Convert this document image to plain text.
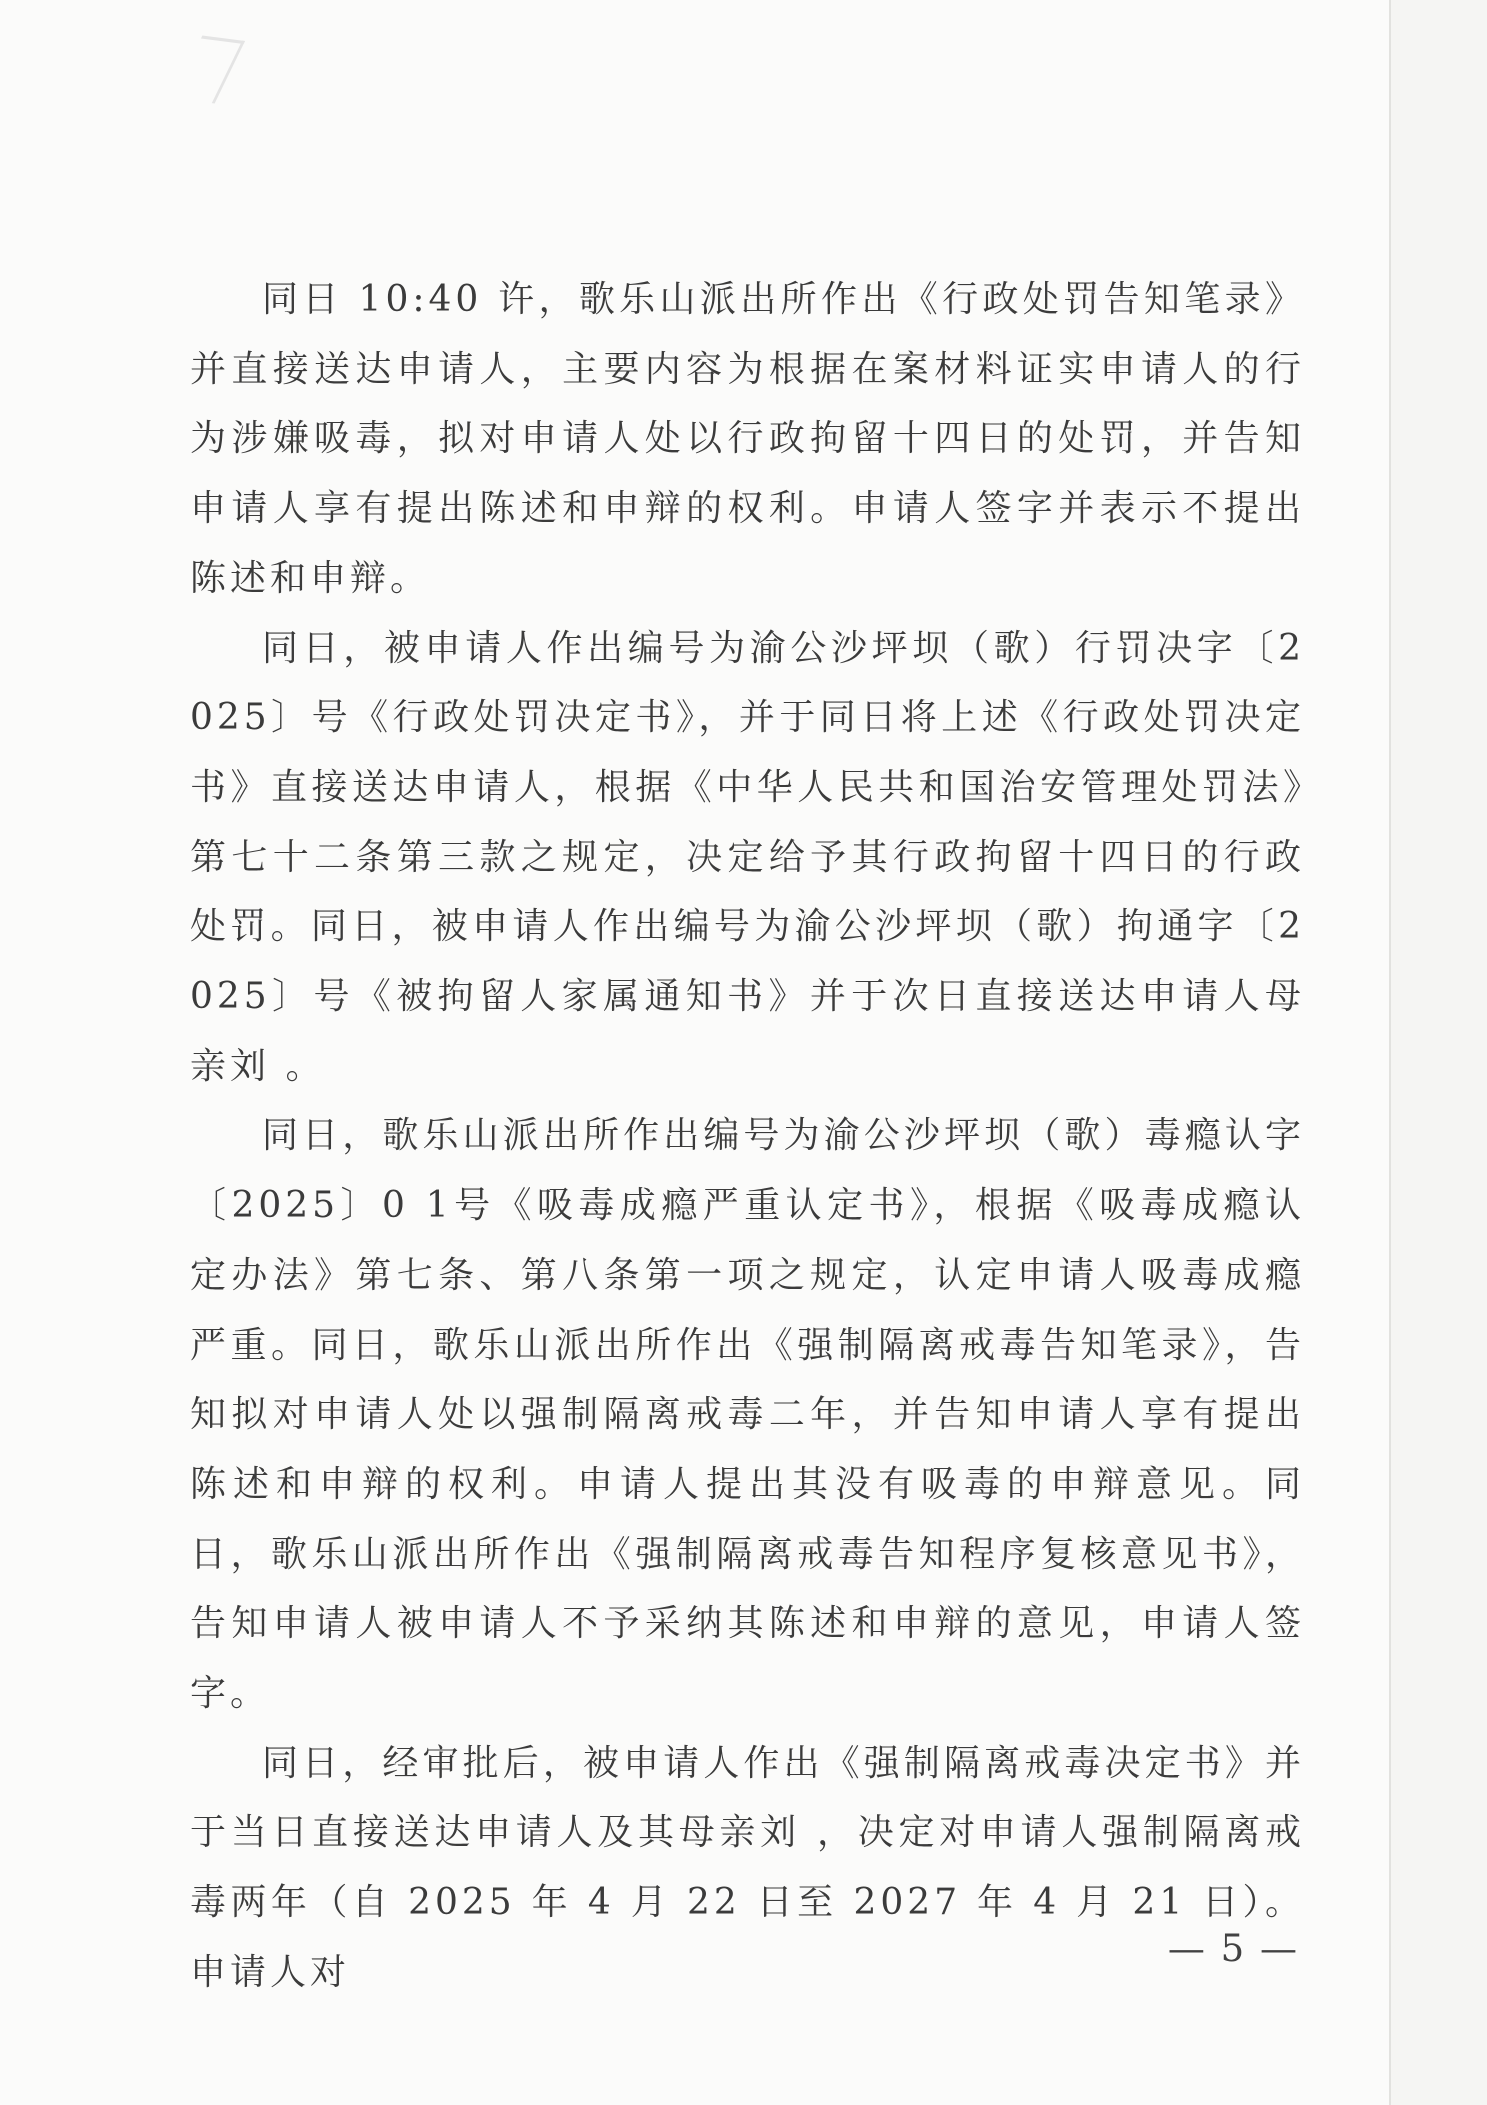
同日 10:40 许，歌乐山派出所作出《行政处罚告知笔录》并直接送达申请人，主要内容为根据在案材料证实申请人的行为涉嫌吸毒，拟对申请人处以行政拘留十四日的处罚，并告知申请人享有提出陈述和申辩的权利。申请人签字并表示不提出陈述和申辩。

同日，被申请人作出编号为渝公沙坪坝（歌）行罚决字〔2025〕号《行政处罚决定书》，并于同日将上述《行政处罚决定书》直接送达申请人，根据《中华人民共和国治安管理处罚法》第七十二条第三款之规定，决定给予其行政拘留十四日的行政处罚。同日，被申请人作出编号为渝公沙坪坝（歌）拘通字〔2025〕号《被拘留人家属通知书》并于次日直接送达申请人母亲刘 。

同日，歌乐山派出所作出编号为渝公沙坪坝（歌）毒瘾认字〔2025〕0 1号《吸毒成瘾严重认定书》，根据《吸毒成瘾认定办法》第七条、第八条第一项之规定，认定申请人吸毒成瘾严重。同日，歌乐山派出所作出《强制隔离戒毒告知笔录》，告知拟对申请人处以强制隔离戒毒二年，并告知申请人享有提出陈述和申辩的权利。申请人提出其没有吸毒的申辩意见。同日，歌乐山派出所作出《强制隔离戒毒告知程序复核意见书》，告知申请人被申请人不予采纳其陈述和申辩的意见，申请人签字。

同日，经审批后，被申请人作出《强制隔离戒毒决定书》并于当日直接送达申请人及其母亲刘 ，决定对申请人强制隔离戒毒两年（自 2025 年 4 月 22 日至 2027 年 4 月 21 日）。申请人对

— 5 —
